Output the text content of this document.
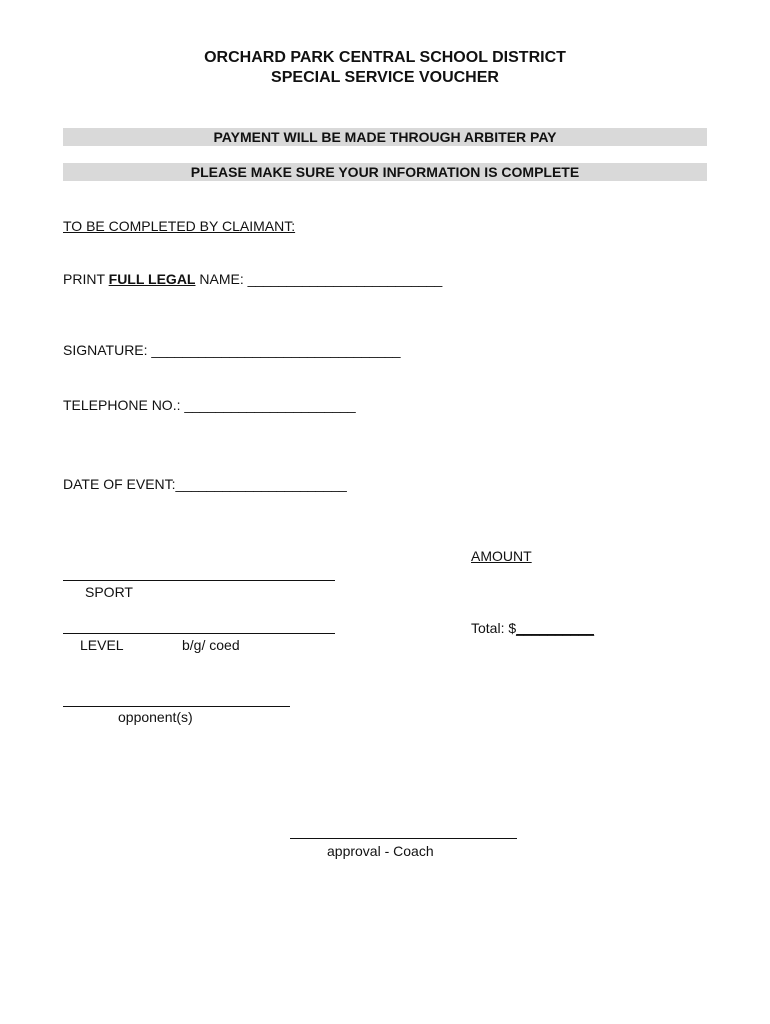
ORCHARD PARK CENTRAL SCHOOL DISTRICT
SPECIAL SERVICE VOUCHER
PAYMENT WILL BE MADE THROUGH ARBITER PAY
PLEASE MAKE SURE YOUR INFORMATION IS COMPLETE
TO BE COMPLETED BY CLAIMANT:
PRINT FULL LEGAL NAME: _________________________
SIGNATURE: ________________________________
TELEPHONE NO.: ______________________
DATE OF EVENT:______________________
AMOUNT
Total: $__________
SPORT
LEVEL	b/g/ coed
opponent(s)
approval - Coach
